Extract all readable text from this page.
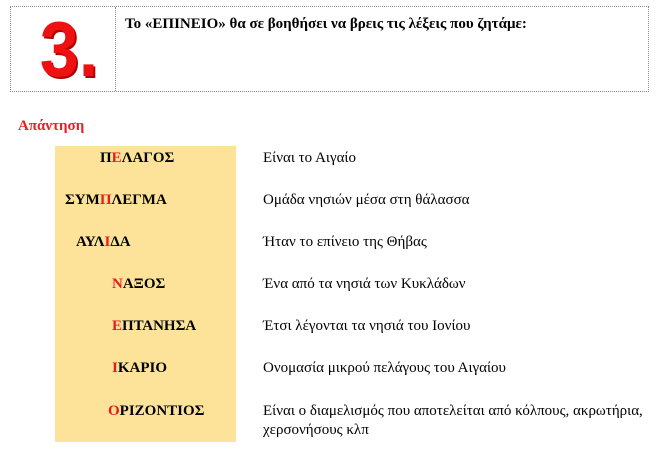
3.	Το «ΕΠΙΝΕΙΟ» θα σε βοηθήσει να βρεις τις λέξεις που ζητάμε:
Απάντηση
ΠΕΛΑΓΟΣ	Είναι το Αιγαίο
ΣΥΜΠΛΕΓΜΑ	Ομάδα νησιών μέσα στη θάλασσα
ΑΥΛΙΔΑ	Ήταν το επίνειο της Θήβας
ΝΑΞΟΣ	Ένα από τα νησιά των Κυκλάδων
ΕΠΤΑΝΗΣΑ	Έτσι λέγονται τα νησιά του Ιονίου
ΙΚΑΡΙΟ	Ονομασία μικρού πελάγους του Αιγαίου
ΟΡΙΖΟΝΤΙΟΣ	Είναι ο διαμελισμός που αποτελείται από κόλπους, ακρωτήρια, χερσονήσους κλπ
